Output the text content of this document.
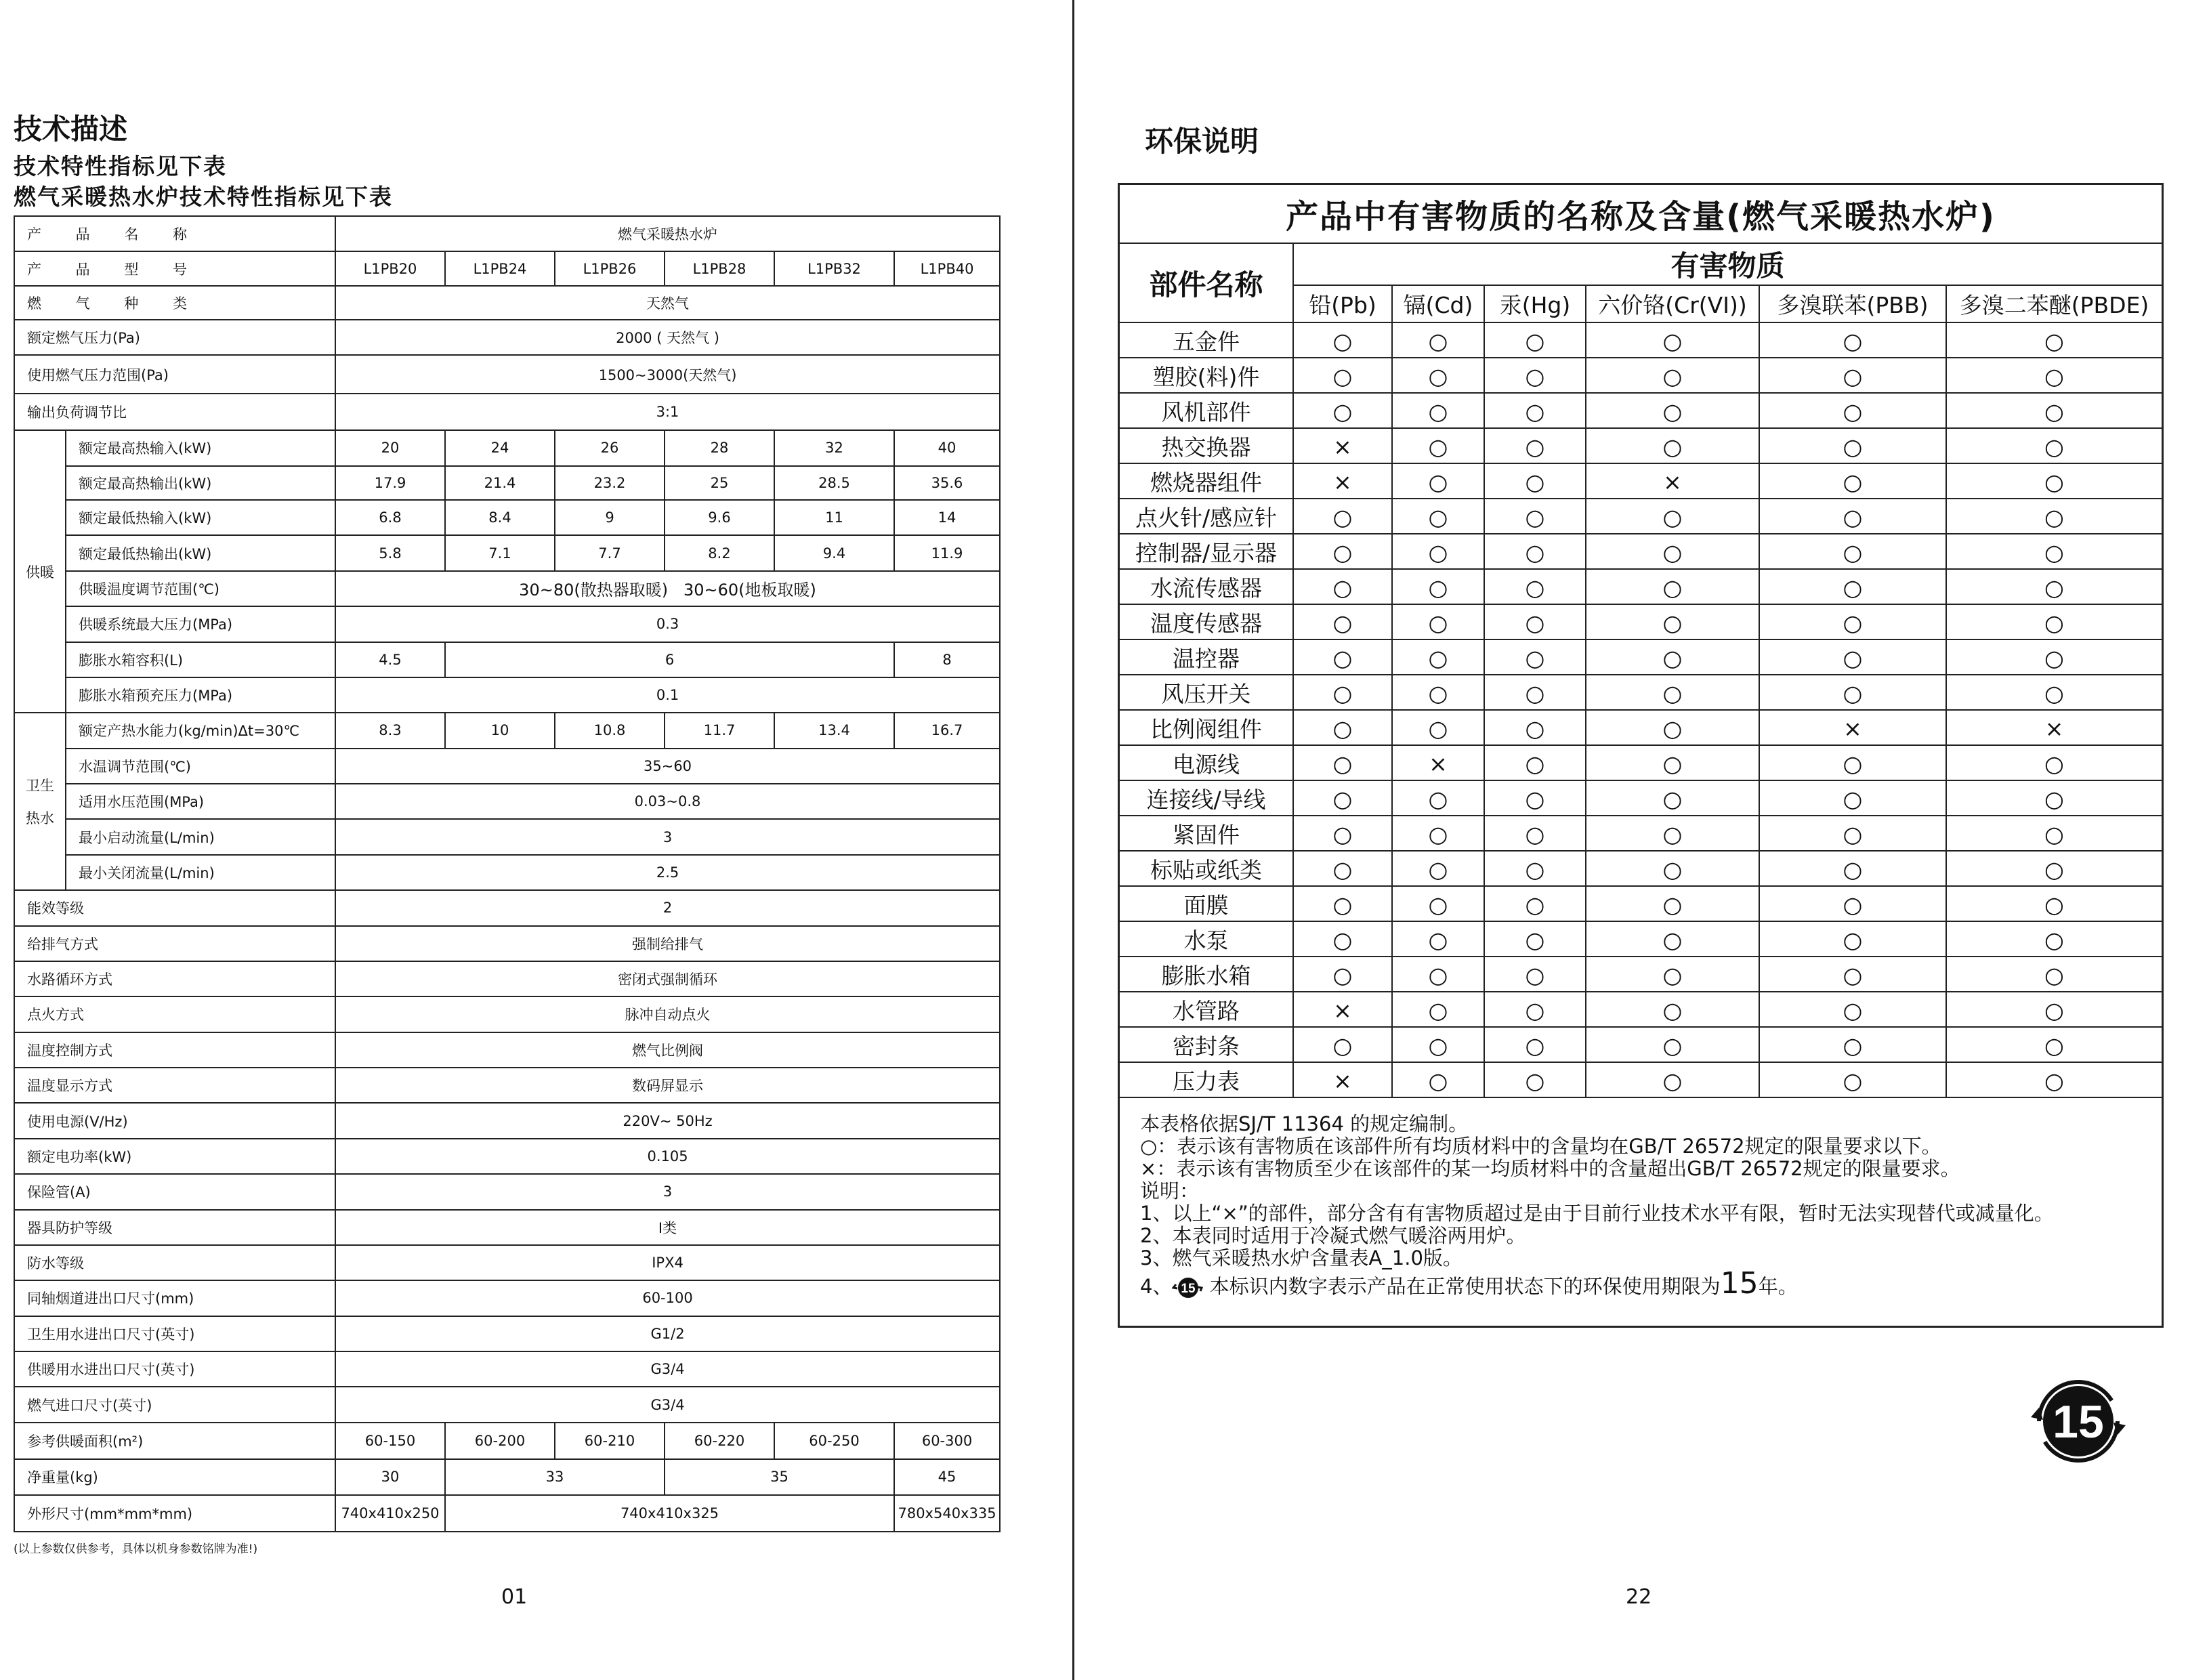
技术描述
技术特性指标见下表
燃气采暖热水炉技术特性指标见下表
产 品 名 称		燃气采暖热水炉					
产 品 型 号		L1PB20	L1PB24	L1PB26	L1PB28	L1PB32	L1PB40
燃 气 种 类		天然气					
额定燃气压力(Pa)		2000 ( 天然气 )					
使用燃气压力范围(Pa)		1500~3000(天然气)					
输出负荷调节比		3:1					
供暖	额定最高热输入(kW)	20	24	26	28	32	40
	额定最高热输出(kW)	17.9	21.4	23.2	25	28.5	35.6
	额定最低热输入(kW)	6.8	8.4	9	9.6	11	14
	额定最低热输出(kW)	5.8	7.1	7.7	8.2	9.4	11.9
	供暖温度调节范围(℃)	30~80(散热器取暖)   30~60(地板取暖)					
	供暖系统最大压力(MPa)	0.3					
	膨胀水箱容积(L)	4.5	6				8
	膨胀水箱预充压力(MPa)	0.1					

卫生
热水	额定产热水能力(kg/min)Δt=30℃	8.3	10	10.8	11.7	13.4	16.7
	水温调节范围(℃)	35~60					
	适用水压范围(MPa)	0.03~0.8					
	最小启动流量(L/min)	3					
	最小关闭流量(L/min)	2.5					
能效等级		2					
给排气方式		强制给排气					
水路循环方式		密闭式强制循环					
点火方式		脉冲自动点火					
温度控制方式		燃气比例阀					
温度显示方式		数码屏显示					
使用电源(V/Hz)		220V~ 50Hz					
额定电功率(kW)		0.105					
保险管(A)		3					
器具防护等级		I类					
防水等级		IPX4					
同轴烟道进出口尺寸(mm)		60-100					
卫生用水进出口尺寸(英寸)		G1/2					
供暖用水进出口尺寸(英寸)		G3/4					
燃气进口尺寸(英寸)		G3/4					
参考供暖面积(m²)		60-150	60-200	60-210	60-220	60-250	60-300
净重量(kg)		30	33		35		45
外形尺寸(mm*mm*mm)		740x410x250	740x410x325				780x540x335
(以上参数仅供参考，具体以机身参数铭牌为准!)
01
环保说明
产品中有害物质的名称及含量(燃气采暖热水炉)						
部件名称	有害物质					
	铅(Pb)	镉(Cd)	汞(Hg)	六价铬(Cr(VI))	多溴联苯(PBB)	多溴二苯醚(PBDE)
五金件	○	○	○	○	○	○
塑胶(料)件	○	○	○	○	○	○
风机部件	○	○	○	○	○	○
热交换器	×	○	○	○	○	○
燃烧器组件	×	○	○	×	○	○
点火针/感应针	○	○	○	○	○	○
控制器/显示器	○	○	○	○	○	○
水流传感器	○	○	○	○	○	○
温度传感器	○	○	○	○	○	○
温控器	○	○	○	○	○	○
风压开关	○	○	○	○	○	○
比例阀组件	○	○	○	○	×	×
电源线	○	×	○	○	○	○
连接线/导线	○	○	○	○	○	○
紧固件	○	○	○	○	○	○
标贴或纸类	○	○	○	○	○	○
面膜	○	○	○	○	○	○
水泵	○	○	○	○	○	○
膨胀水箱	○	○	○	○	○	○
水管路	×	○	○	○	○	○
密封条	○	○	○	○	○	○
压力表	×	○	○	○	○	○
本表格依据SJ/T 11364 的规定编制。
○：表示该有害物质在该部件所有均质材料中的含量均在GB/T 26572规定的限量要求以下。
×：表示该有害物质至少在该部件的某一均质材料中的含量超出GB/T 26572规定的限量要求。
说明：
1、以上“×”的部件，部分含有有害物质超过是由于目前行业技术水平有限，暂时无法实现替代或减量化。
2、本表同时适用于冷凝式燃气暖浴两用炉。
3、燃气采暖热水炉含量表A_1.0版。
4、 15 本标识内数字表示产品在正常使用状态下的环保使用期限为15年。
15
22
